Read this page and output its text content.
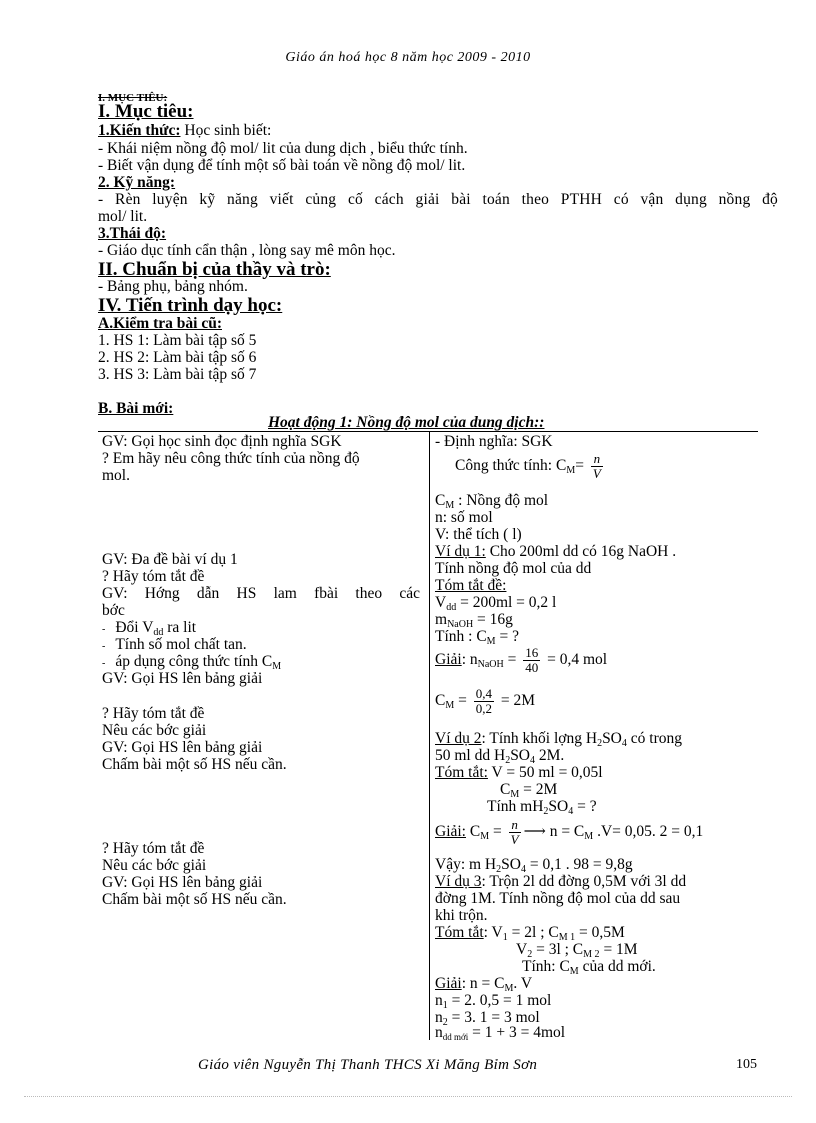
Giáo án hoá học 8 năm học 2009 - 2010
I. MỤC TIÊU:
I. Mục tiêu:
1.Kiến thức: Học sinh biết:
- Khái niệm nồng độ mol/ lit của dung dịch , biểu thức tính.
- Biết vận dụng để tính một số bài toán về nồng độ mol/ lit.
2. Kỹ năng:
- Rèn luyện kỹ năng viết củng cố cách giải bài toán theo PTHH có vận dụng nồng độ
mol/ lit.
3.Thái độ:
- Giáo dục tính cẩn thận , lòng say mê môn học.
II. Chuẩn bị của thầy và trò:
- Bảng phụ, bảng nhóm.
IV. Tiến trình dạy học:
A.Kiểm tra bài cũ:
1. HS 1: Làm bài tập số 5
2. HS 2: Làm bài tập số 6
3. HS 3: Làm bài tập số 7
B. Bài mới:
Hoạt động 1: Nồng độ mol của dung dịch::
GV: Gọi học sinh đọc định nghĩa SGK
? Em hãy nêu công thức tính của nồng độ
mol.
GV: Đa đề bài ví dụ 1
? Hãy tóm tắt đề
GV: Hớng dẫn HS lam fbài theo các
bớc
-    Đổi $V_{dd}$ ra lit
-    Tính số mol chất tan.
-    áp dụng công thức tính $C_M$
GV: Gọi HS lên bảng giải
? Hãy tóm tắt đề
Nêu các bớc giải
GV: Gọi HS lên bảng giải
Chấm bài một số HS nếu cần.
? Hãy tóm tắt đề
Nêu các bớc giải
GV: Gọi HS lên bảng giải
Chấm bài một số HS nếu cần.
- Định nghĩa: SGK
Công thức tính: $C_M= \frac{n}{V}$
$C_M$ : Nồng độ mol
n: số mol
V: thể tích ( l)
Ví dụ 1: Cho 200ml dd có 16g NaOH .
Tính nồng độ mol của dd
Tóm tắt đề:
$V_{dd} = 200ml = 0,2$ l
$m_{NaOH} = 16g$
Tính : $C_M$ = ?
Giải: $n_{NaOH} = \frac{16}{40} = 0,4$ mol
$C_M = \frac{0,4}{0,2} = 2M$
Ví dụ 2: Tính khối lợng $H_2SO_4$ có trong
50 ml dd $H_2SO_4$ 2M.
Tóm tắt: V = 50 ml = 0,05l
$C_M = 2M$
Tính $mH_2SO_4$ = ?
Giải: $C_M = \frac{n}{V}$ ⟶ $n = C_M$ .V= 0,05. 2 = 0,1
Vậy: m $H_2SO_4 = 0,1$ . 98 = 9,8g
Ví dụ 3: Trộn 2l dd đờng 0,5M với 3l dd
đờng 1M. Tính nồng độ mol của dd sau
khi trộn.
Tóm tắt: $V_1 = 2l$ ; $C_{M 1} = 0,5M$
$V_2 = 3l$ ; $C_{M 2} = 1M$
Tính: $C_M$ của dd mới.
Giải: $n = C_M$. V
$n_1 = 2$. 0,5 = 1 mol
$n_2 = 3$. 1 = 3 mol
$n_{dd mới} = 1 + 3 = 4mol$
Giáo viên Nguyễn Thị Thanh THCS Xi Măng Bỉm Sơn	105
